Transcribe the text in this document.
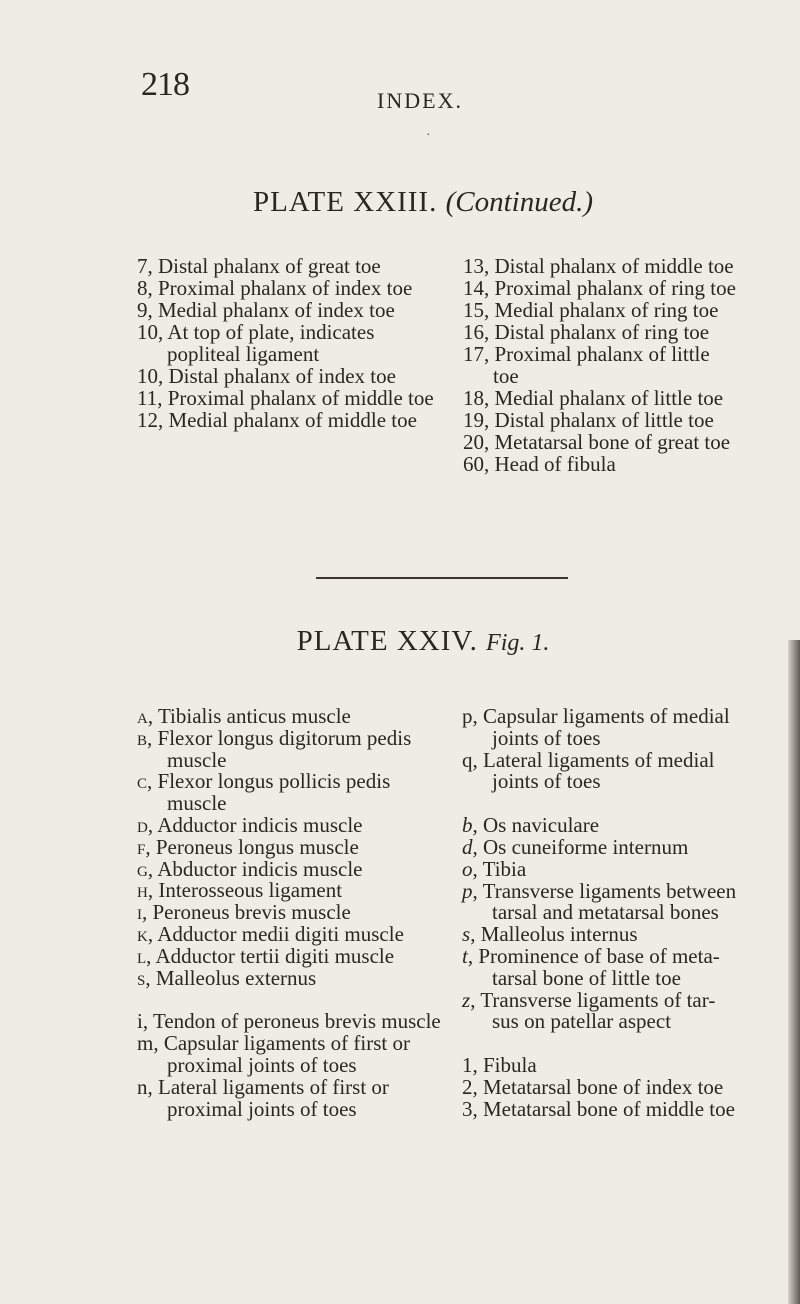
218	INDEX.
·
PLATE XXIII. (Continued.)
7, Distal phalanx of great toe
8, Proximal phalanx of index toe
9, Medial phalanx of index toe
10, At top of plate, indicates popliteal ligament
10, Distal phalanx of index toe
11, Proximal phalanx of middle toe
12, Medial phalanx of middle toe
13, Distal phalanx of middle toe
14, Proximal phalanx of ring toe
15, Medial phalanx of ring toe
16, Distal phalanx of ring toe
17, Proximal phalanx of little toe
18, Medial phalanx of little toe
19, Distal phalanx of little toe
20, Metatarsal bone of great toe
60, Head of fibula
PLATE XXIV. Fig. 1.
a, Tibialis anticus muscle
b, Flexor longus digitorum pedis muscle
c, Flexor longus pollicis pedis muscle
d, Adductor indicis muscle
f, Peroneus longus muscle
g, Abductor indicis muscle
h, Interosseous ligament
i, Peroneus brevis muscle
k, Adductor medii digiti muscle
l, Adductor tertii digiti muscle
s, Malleolus externus
i, Tendon of peroneus brevis muscle
m, Capsular ligaments of first or proximal joints of toes
n, Lateral ligaments of first or proximal joints of toes
p, Capsular ligaments of medial joints of toes
q, Lateral ligaments of medial joints of toes
b, Os naviculare
d, Os cuneiforme internum
o, Tibia
p, Transverse ligaments between tarsal and metatarsal bones
s, Malleolus internus
t, Prominence of base of meta- tarsal bone of little toe
z, Transverse ligaments of tar- sus on patellar aspect
1, Fibula
2, Metatarsal bone of index toe
3, Metatarsal bone of middle toe
